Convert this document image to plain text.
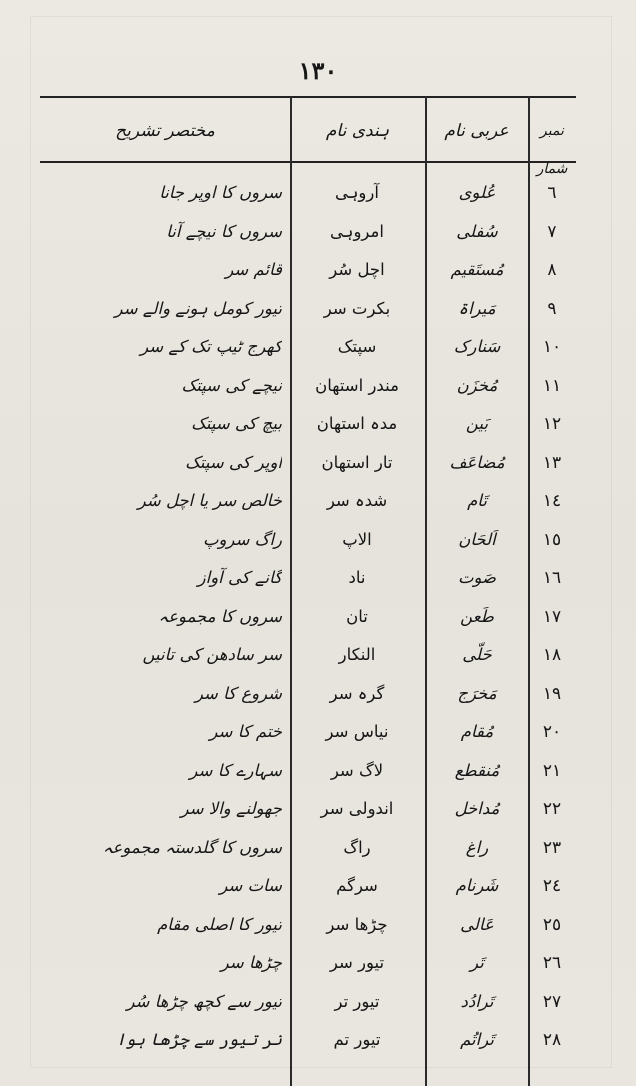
۱۳۰
نمبر شمار
عربی نام
ہندی نام
مختصر تشریح
٦
عُلوی
آروہی
سروں کا اوپر جانا
٧
سُفلی
امروہی
سروں کا نیچے آنا
٨
مُستَقیم
اچل سُر
قائم سر
٩
مَیراۃ
بکرت سر
تیور کومل ہونے والے سر
١٠
سَنارک
سپتک
کھرج ٹیپ تک کے سر
١١
مُخزَن
مندر استھان
نیچے کی سپتک
١٢
بَین
مدہ استھان
بیچ کی سپتک
١٣
مُضاعَف
تار استھان
اوپر کی سپتک
١٤
تَام
شدہ سر
خالص سر یا اچل سُر
١٥
اَلحَان
الاپ
راگ سروپ
١٦
صَوت
ناد
گانے کی آواز
١٧
طَعن
تان
سروں کا مجموعہ
١٨
حَلّی
النکار
سر سادھن کی تانیں
١٩
مَخرَج
گرہ سر
شروع کا سر
٢٠
مُقام
نیاس سر
ختم کا سر
٢١
مُنقطع
لاگ سر
سہارے کا سر
٢٢
مُداخل
اندولی سر
جھولنے والا سر
٢٣
راغ
راگ
سروں کا گلدستہ مجموعہ
٢٤
شَرنام
سرگم
سات سر
٢٥
عَالی
چڑھا سر
تیور کا اصلی مقام
٢٦
تَر
تیور سر
چڑھا سر
٢٧
تَرادُد
تیور تر
تیور سے کچھ چڑھا سُر
٢٨
تَراتُم
تیور تم
تر تیور سے چڑھا ہوا
